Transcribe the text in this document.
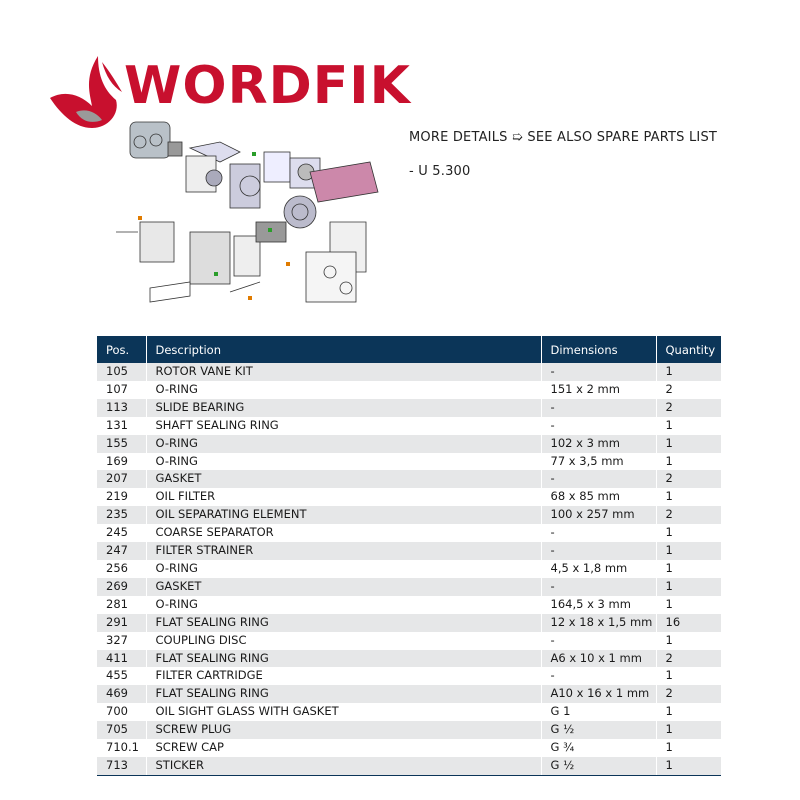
WORDFIK
MORE DETAILS ➯ SEE ALSO SPARE PARTS LIST
- U 5.300
Pos.	Description	Dimensions	Quantity
105	ROTOR VANE KIT	-	1
107	O-RING	151 x 2 mm	2
113	SLIDE BEARING	-	2
131	SHAFT SEALING RING	-	1
155	O-RING	102 x 3 mm	1
169	O-RING	77 x 3,5 mm	1
207	GASKET	-	2
219	OIL FILTER	68 x 85 mm	1
235	OIL SEPARATING ELEMENT	100 x 257 mm	2
245	COARSE SEPARATOR	-	1
247	FILTER STRAINER	-	1
256	O-RING	4,5 x 1,8 mm	1
269	GASKET	-	1
281	O-RING	164,5 x 3 mm	1
291	FLAT SEALING RING	12 x 18 x 1,5 mm	16
327	COUPLING DISC	-	1
411	FLAT SEALING RING	A6 x 10 x 1 mm	2
455	FILTER CARTRIDGE	-	1
469	FLAT SEALING RING	A10 x 16 x 1 mm	2
700	OIL SIGHT GLASS WITH GASKET	G 1	1
705	SCREW PLUG	G ½	1
710.1	SCREW CAP	G ¾	1
713	STICKER	G ½	1
